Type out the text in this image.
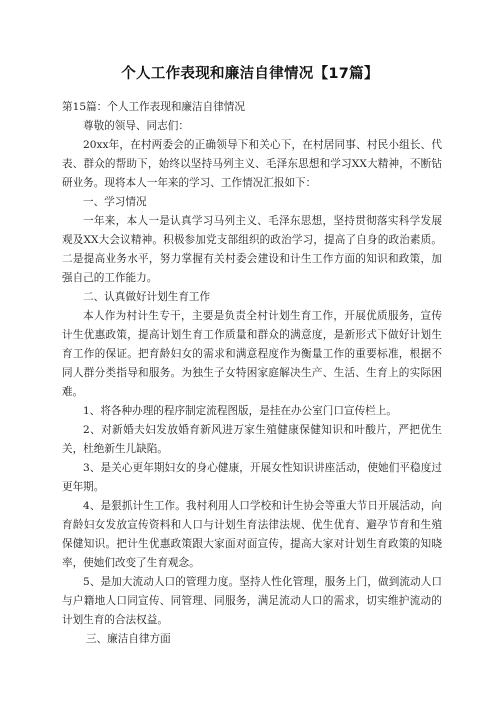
个人工作表现和廉洁自律情况【17篇】

第15篇：个人工作表现和廉洁自律情况

尊敬的领导、同志们：

20xx年，在村两委会的正确领导下和关心下，在村居同事、村民小组长、代表、群众的帮助下，始终以坚持马列主义、毛泽东思想和学习XX大精神，不断钻研业务。现将本人一年来的学习、工作情况汇报如下：

一、学习情况

一年来，本人一是认真学习马列主义、毛泽东思想，坚持贯彻落实科学发展观及XX大会议精神。积极参加党支部组织的政治学习，提高了自身的政治素质。二是提高业务水平，努力掌握有关村委会建设和计生工作方面的知识和政策，加强自己的工作能力。

二、认真做好计划生育工作

本人作为村计生专干，主要是负责全村计划生育工作，开展优质服务，宣传计生优惠政策，提高计划生育工作质量和群众的满意度，是新形式下做好计划生育工作的保证。把育龄妇女的需求和满意程度作为衡量工作的重要标准，根据不同人群分类指导和服务。为独生子女特困家庭解决生产、生活、生育上的实际困难。

1、将各种办理的程序制定流程图版，是挂在办公室门口宣传栏上。

2、对新婚夫妇发放婚育新风进万家生殖健康保健知识和叶酸片，严把优生关，杜绝新生儿缺陷。

3、是关心更年期妇女的身心健康，开展女性知识讲座活动，使她们平稳度过更年期。

4、是狠抓计生工作。我村利用人口学校和计生协会等重大节日开展活动，向育龄妇女发放宣传资料和人口与计划生育法律法规、优生优育、避孕节育和生殖保健知识。把计生优惠政策跟大家面对面宣传，提高大家对计划生育政策的知晓率，使她们改变了生育观念。

5、是加大流动人口的管理力度。坚持人性化管理，服务上门，做到流动人口与户籍地人口同宣传、同管理、同服务，满足流动人口的需求，切实维护流动的计划生育的合法权益。

三、廉洁自律方面
